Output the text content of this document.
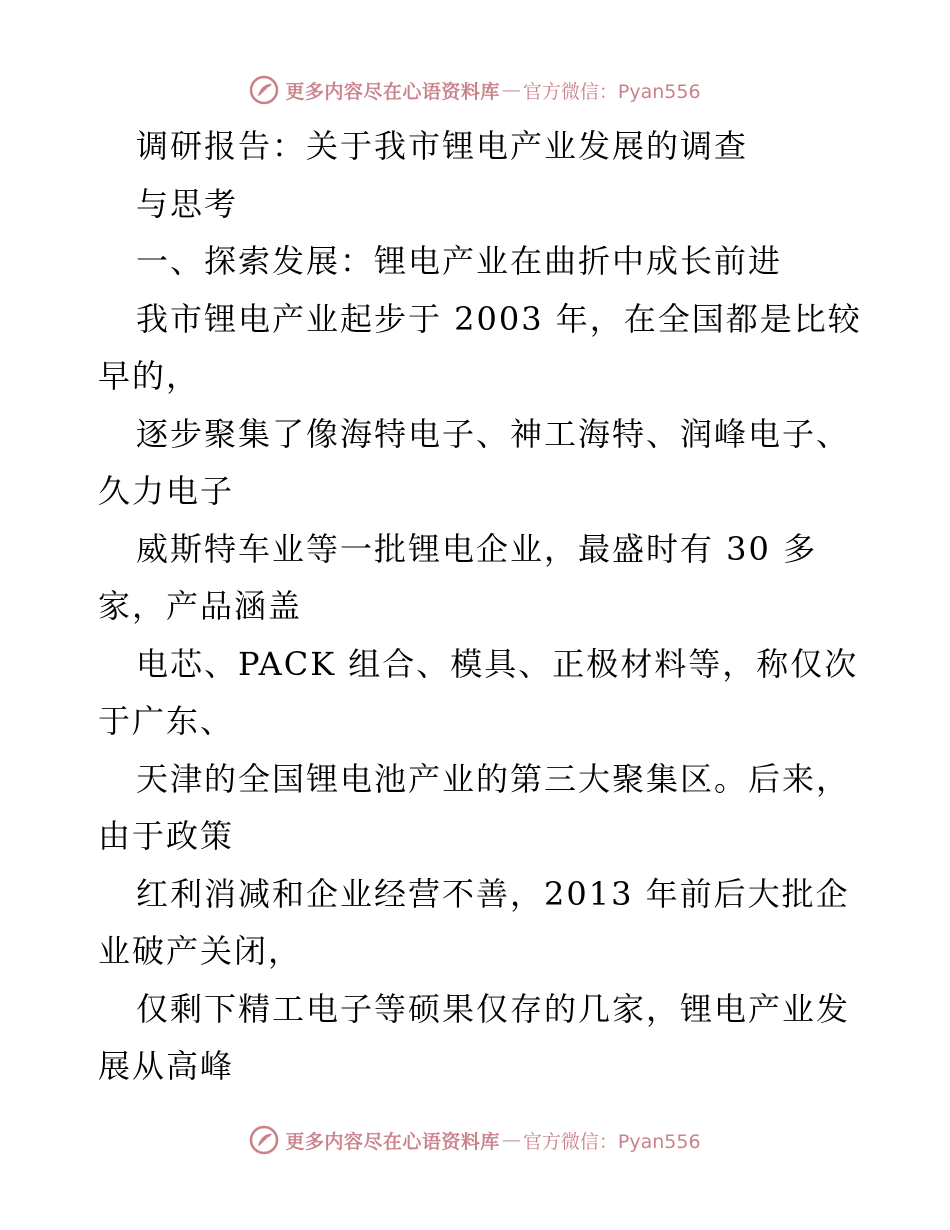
更多内容尽在心语资料库 — 官方微信：Pyan556
调研报告：关于我市锂电产业发展的调查
与思考
一、探索发展：锂电产业在曲折中成长前进
我市锂电产业起步于 2003 年，在全国都是比较
早的，
逐步聚集了像海特电子、神工海特、润峰电子、
久力电子
威斯特车业等一批锂电企业，最盛时有 30 多
家，产品涵盖
电芯、PACK 组合、模具、正极材料等，称仅次
于广东、
天津的全国锂电池产业的第三大聚集区。后来，
由于政策
红利消减和企业经营不善，2013 年前后大批企
业破产关闭，
仅剩下精工电子等硕果仅存的几家，锂电产业发
展从高峰
更多内容尽在心语资料库 — 官方微信：Pyan556
